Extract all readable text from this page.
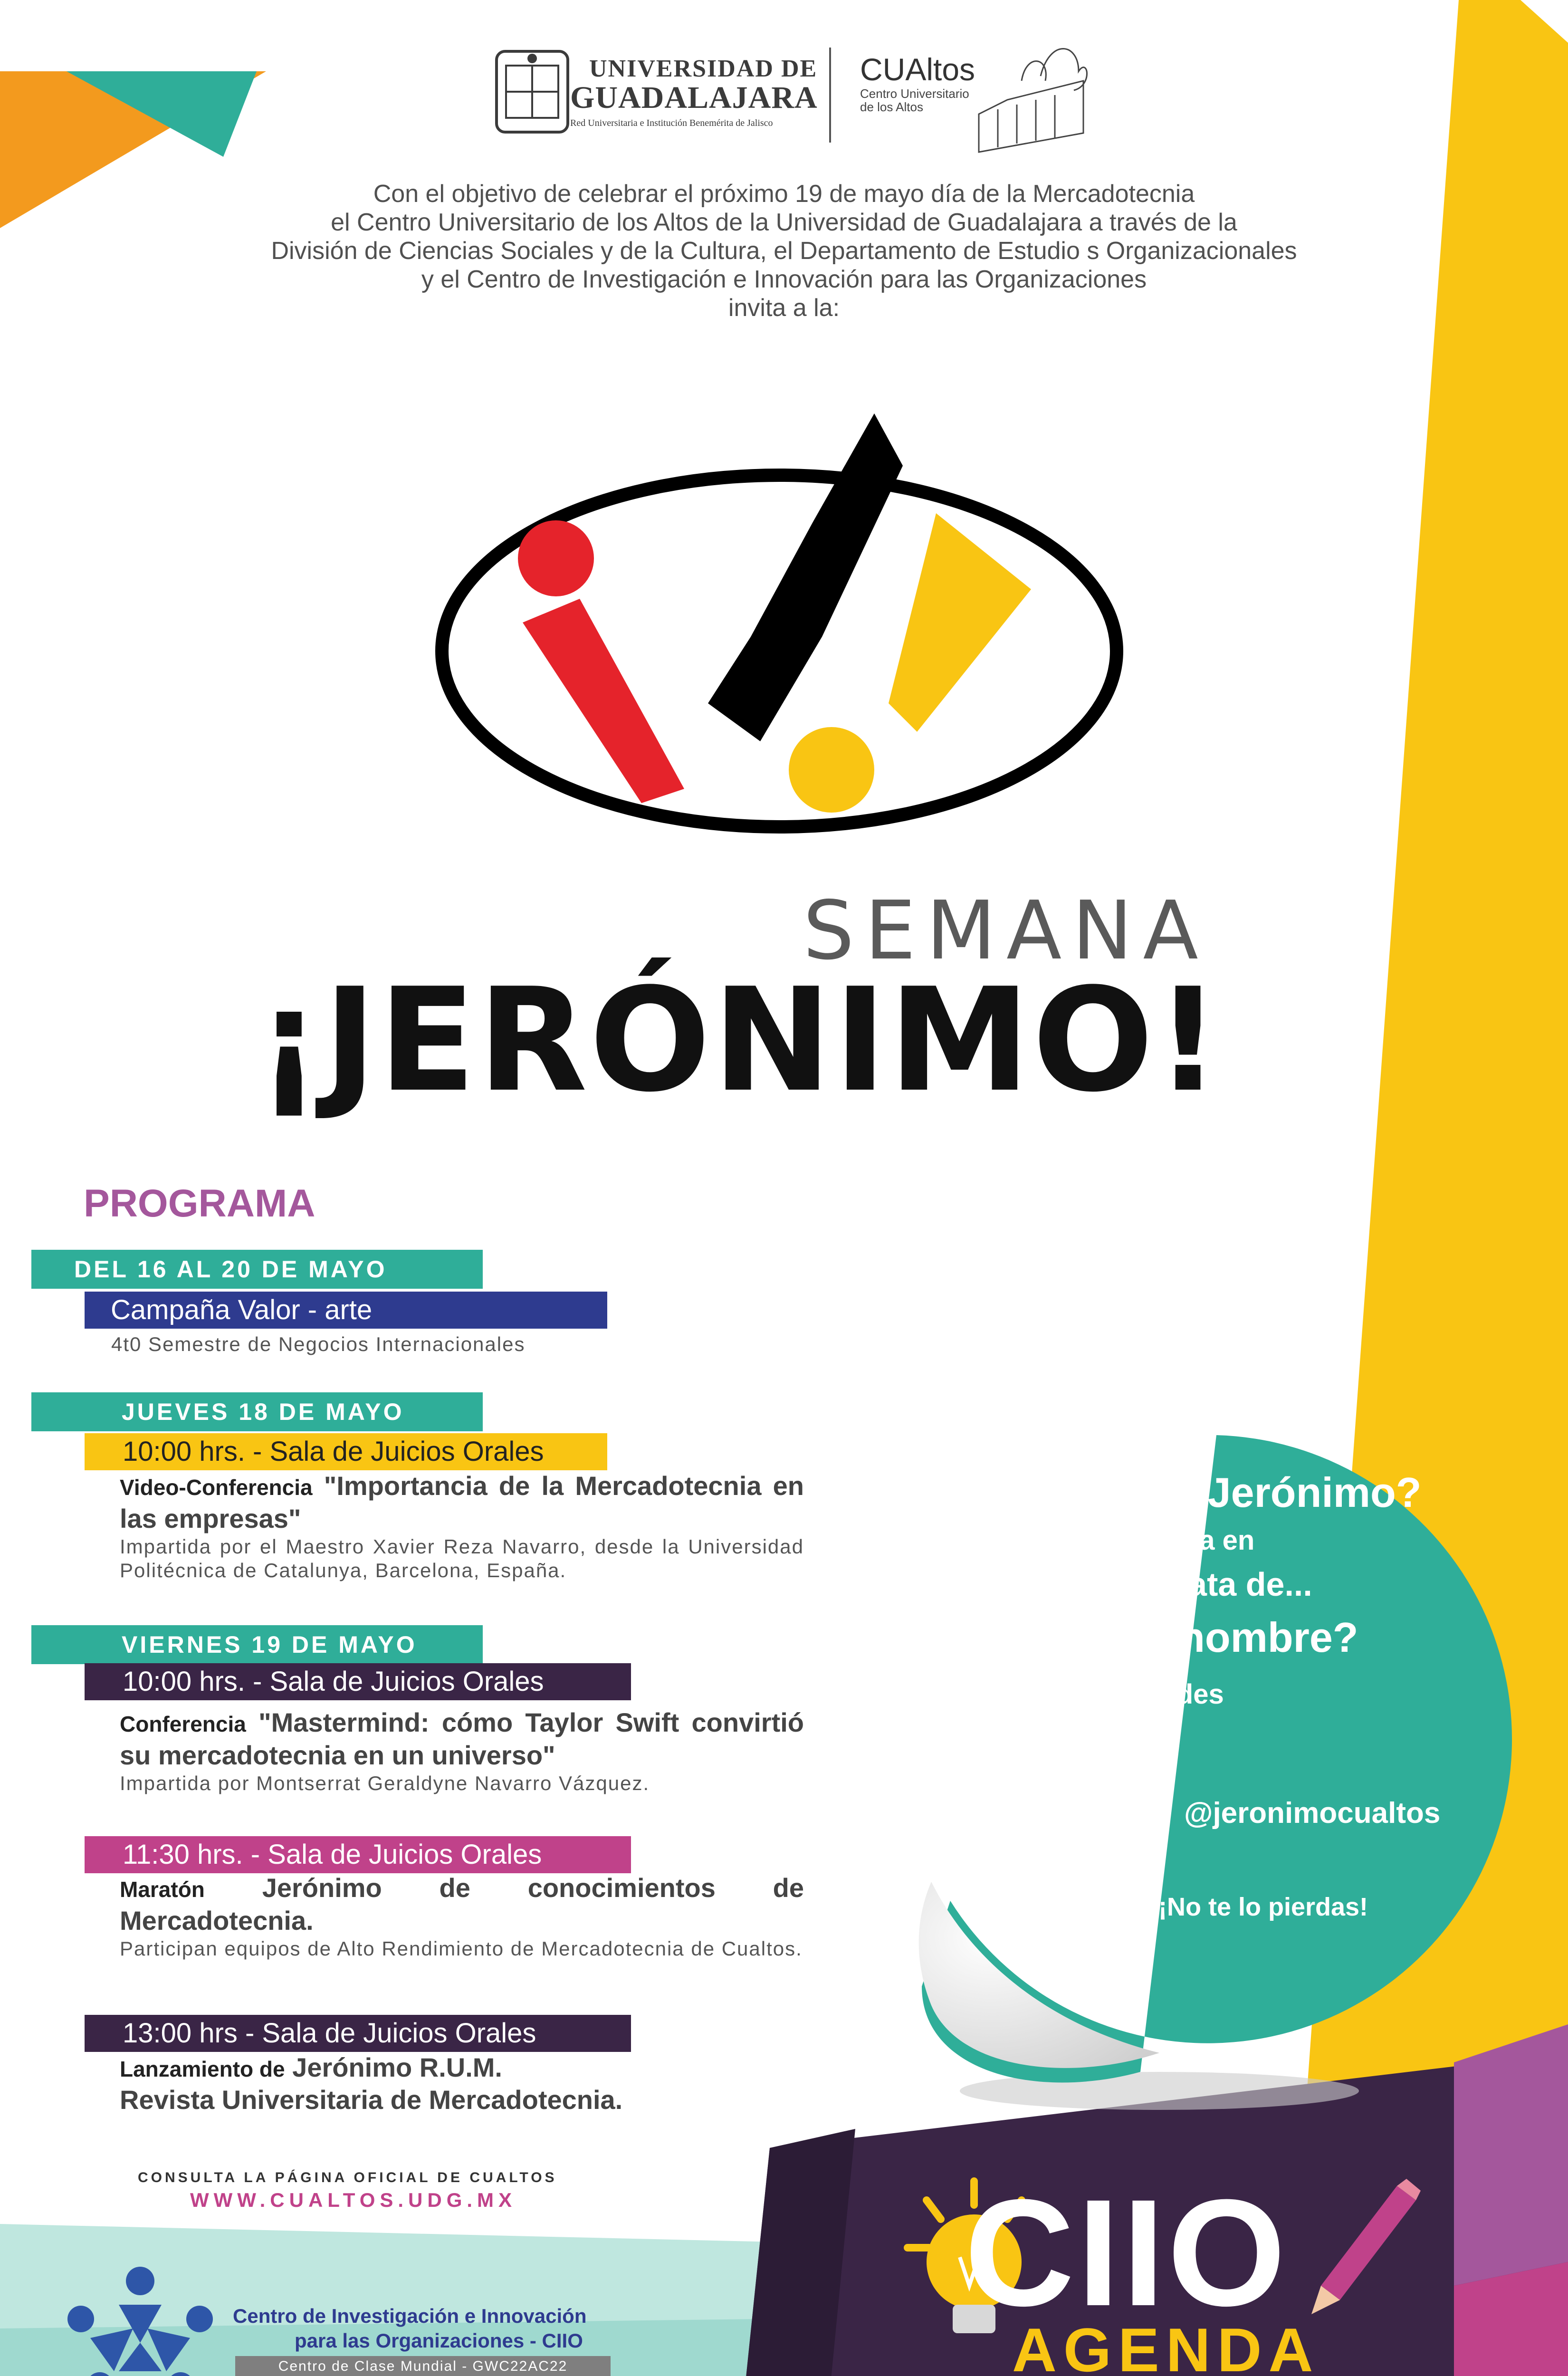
UNIVERSIDAD DE
GUADALAJARA
Red Universitaria e Institución Benemérita de Jalisco
CUAltos
Centro Universitario
de los Altos
Con el objetivo de celebrar el próximo 19 de mayo día de la Mercadotecnia
el Centro Universitario de los Altos de la Universidad de Guadalajara a través de la
División de Ciencias Sociales y de la Cultura, el Departamento de Estudio s Organizacionales
y el Centro de Investigación e Innovación para las Organizaciones
invita a la:
SEMANA
¡JERÓNIMO!
PROGRAMA
DEL 16 AL 20 DE MAYO
Campaña Valor - arte
4t0 Semestre de Negocios Internacionales
JUEVES 18 DE MAYO
10:00 hrs. - Sala de Juicios Orales
Video-Conferencia "Importancia de la Mercadotecnia en las empresas"
Impartida por el Maestro Xavier Reza Navarro, desde la Universidad Politécnica de Catalunya, Barcelona, España.
VIERNES 19 DE MAYO
10:00 hrs. - Sala de Juicios Orales
Conferencia "Mastermind: cómo Taylor Swift convirtió su mercadotecnia en un universo"
Impartida por Montserrat Geraldyne Navarro Vázquez.
11:30 hrs. - Sala de Juicios Orales
Maratón Jerónimo de conocimientos de Mercadotecnia.
Participan equipos de Alto Rendimiento de Mercadotecnia de Cualtos.
13:00 hrs - Sala de Juicios Orales
Lanzamiento de Jerónimo R.U.M.
Revista Universitaria de Mercadotecnia.
¿Qué es Jerónimo?
Es mercadotecnia en
CUAltos y se trata de...
¿Por qué ese nombre?
Síguenos en redes
y lo sabrás...
@jeronimocualtos
¡No te lo pierdas!
CONSULTA LA PÁGINA OFICIAL DE CUALTOS
WWW.CUALTOS.UDG.MX
Centro de Investigación e Innovación
para las Organizaciones - CIIO
Centro de Clase Mundial - GWC22AC22
CIIO
AGENDA
